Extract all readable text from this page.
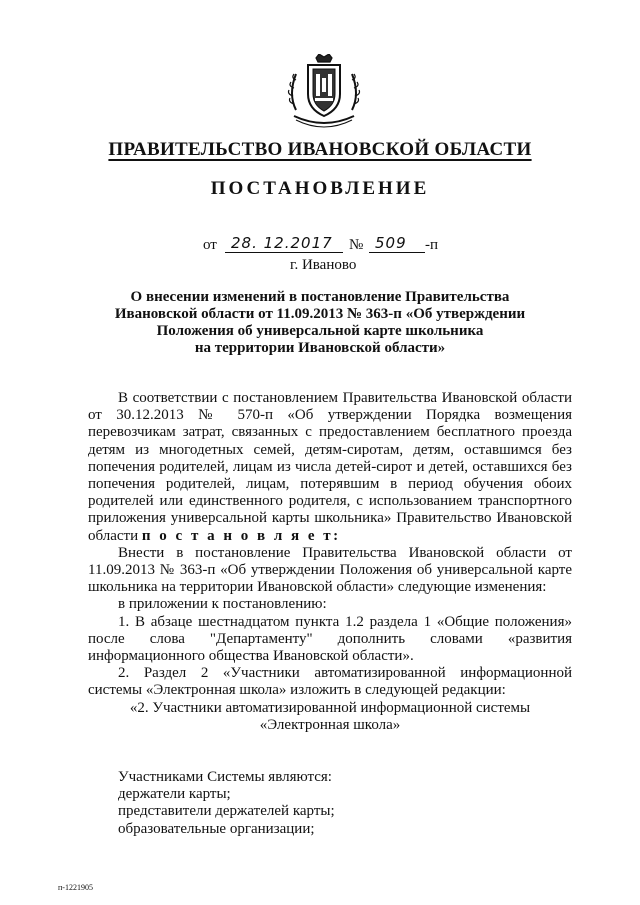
ПРАВИТЕЛЬСТВО ИВАНОВСКОЙ ОБЛАСТИ
ПОСТАНОВЛЕНИЕ
от 28. 12.2017 № 509 -п
г. Иваново
О внесении изменений в постановление Правительства
Ивановской области от 11.09.2013 № 363-п «Об утверждении
Положения об универсальной карте школьника
на территории Ивановской области»

В соответствии с постановлением Правительства Ивановской области от 30.12.2013 № 570-п «Об утверждении Порядка возмещения перевозчикам затрат, связанных с предоставлением бесплатного проезда детям из многодетных семей, детям-сиротам, детям, оставшимся без попечения родителей, лицам из числа детей-сирот и детей, оставшихся без попечения родителей, лицам, потерявшим в период обучения обоих родителей или единственного родителя, с использованием транспортного приложения универсальной карты школьника» Правительство Ивановской области п о с т а н о в л я е т:

Внести в постановление Правительства Ивановской области от 11.09.2013 № 363-п «Об утверждении Положения об универсальной карте школьника на территории Ивановской области» следующие изменения:

в приложении к постановлению:

1. В абзаце шестнадцатом пункта 1.2 раздела 1 «Общие положения» после слова "Департаменту" дополнить словами «развития информационного общества Ивановской области».

2. Раздел 2 «Участники автоматизированной информационной системы «Электронная школа» изложить в следующей редакции:

«2. Участники автоматизированной информационной системы

«Электронная школа»

Участниками Системы являются:

держатели карты;

представители держателей карты;

образовательные организации;

п-1221905
